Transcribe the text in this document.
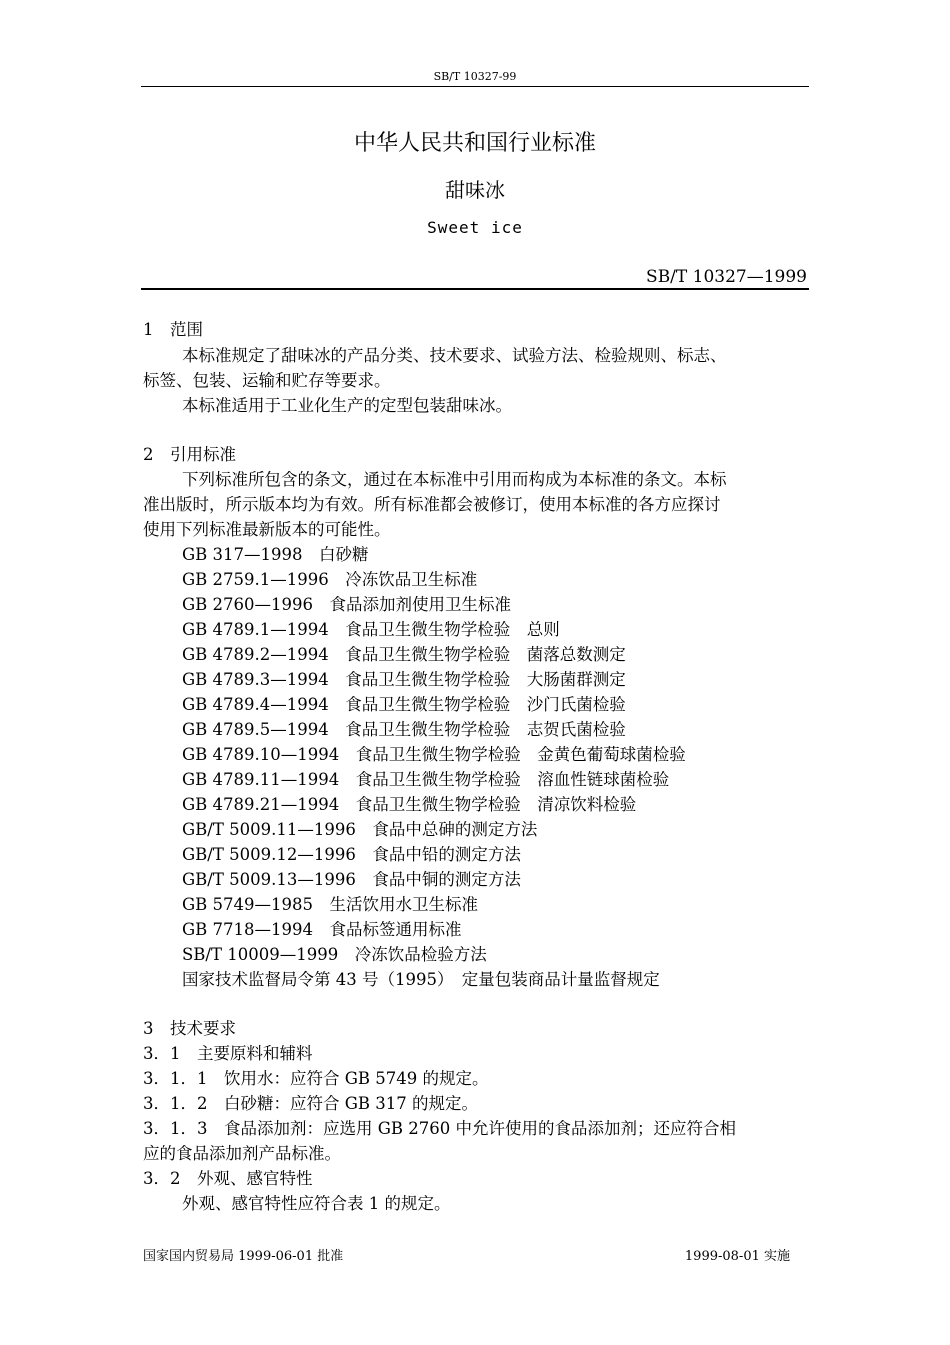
SB/T 10327-99
中华人民共和国行业标准
甜味冰
Sweet ice
SB/T 10327—1999
1　范围
本标准规定了甜味冰的产品分类、技术要求、试验方法、检验规则、标志、
标签、包装、运输和贮存等要求。
本标准适用于工业化生产的定型包装甜味冰。
2　引用标准
下列标准所包含的条文，通过在本标准中引用而构成为本标准的条文。本标
准出版时，所示版本均为有效。所有标准都会被修订，使用本标准的各方应探讨
使用下列标准最新版本的可能性。
GB 317—1998　白砂糖
GB 2759.1—1996　冷冻饮品卫生标准
GB 2760—1996　食品添加剂使用卫生标准
GB 4789.1—1994　食品卫生微生物学检验　总则
GB 4789.2—1994　食品卫生微生物学检验　菌落总数测定
GB 4789.3—1994　食品卫生微生物学检验　大肠菌群测定
GB 4789.4—1994　食品卫生微生物学检验　沙门氏菌检验
GB 4789.5—1994　食品卫生微生物学检验　志贺氏菌检验
GB 4789.10—1994　食品卫生微生物学检验　金黄色葡萄球菌检验
GB 4789.11—1994　食品卫生微生物学检验　溶血性链球菌检验
GB 4789.21—1994　食品卫生微生物学检验　清凉饮料检验
GB/T 5009.11—1996　食品中总砷的测定方法
GB/T 5009.12—1996　食品中铅的测定方法
GB/T 5009.13—1996　食品中铜的测定方法
GB 5749—1985　生活饮用水卫生标准
GB 7718—1994　食品标签通用标准
SB/T 10009—1999　冷冻饮品检验方法
国家技术监督局令第 43 号（1995）　定量包装商品计量监督规定
3　技术要求
3．1　主要原料和辅料
3．1．1　饮用水：应符合 GB 5749 的规定。
3．1．2　白砂糖：应符合 GB 317 的规定。
3．1．3　食品添加剂：应选用 GB 2760 中允许使用的食品添加剂；还应符合相
应的食品添加剂产品标准。
3．2　外观、感官特性
外观、感官特性应符合表 1 的规定。
国家国内贸易局 1999-06-01 批准	1999-08-01 实施
